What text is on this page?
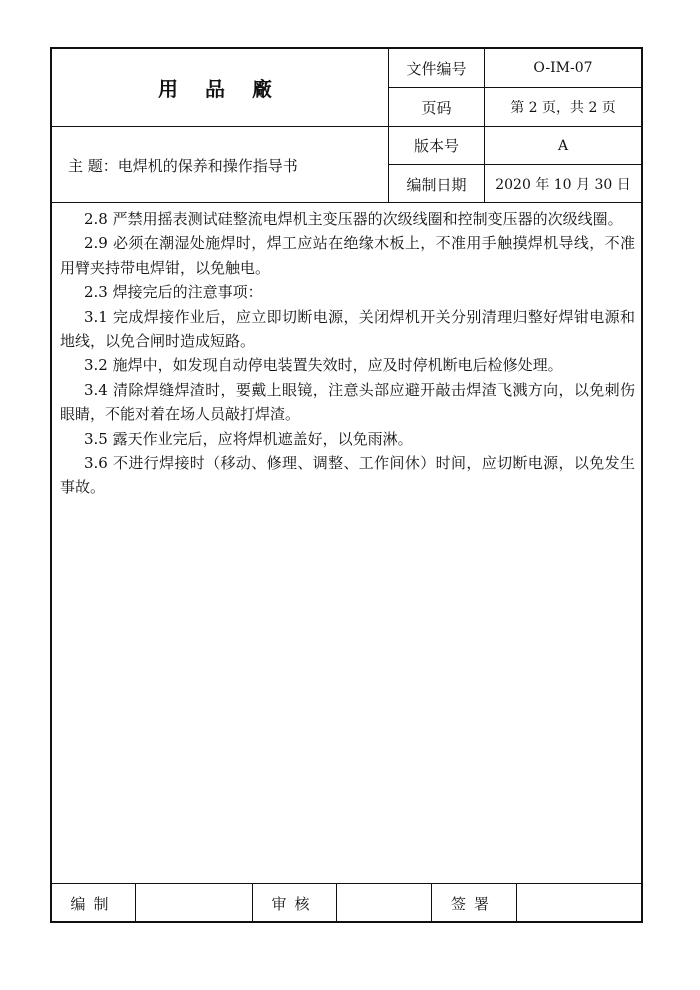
用 品 廠
主 题：电焊机的保养和操作指导书
文件编号	O-IM-07
页码	第 2 页，共 2 页
版本号	A
编制日期	2020 年 10 月 30 日

2.8 严禁用摇表测试硅整流电焊机主变压器的次级线圈和控制变压器的次级线圈。

2.9 必须在潮湿处施焊时，焊工应站在绝缘木板上，不准用手触摸焊机导线，不准用臂夹持带电焊钳，以免触电。

2.3 焊接完后的注意事项：

3.1 完成焊接作业后，应立即切断电源，关闭焊机开关分别清理归整好焊钳电源和地线，以免合闸时造成短路。

3.2 施焊中，如发现自动停电装置失效时，应及时停机断电后检修处理。

3.4 清除焊缝焊渣时，要戴上眼镜，注意头部应避开敲击焊渣飞溅方向，以免刺伤眼睛，不能对着在场人员敲打焊渣。

3.5 露天作业完后，应将焊机遮盖好，以免雨淋。

3.6 不进行焊接时（移动、修理、调整、工作间休）时间，应切断电源，以免发生事故。

编制	审核	签署
